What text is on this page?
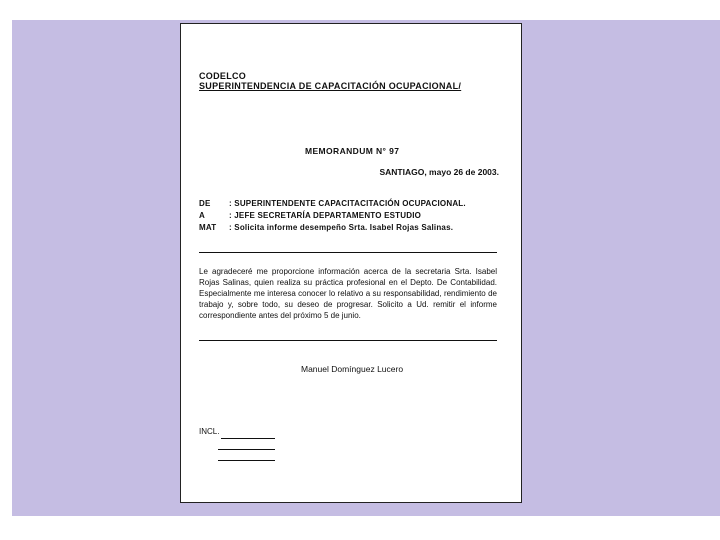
CODELCO
SUPERINTENDENCIA DE CAPACITACIÓN OCUPACIONAL/
MEMORANDUM N° 97
SANTIAGO, mayo 26 de 2003.
DE : SUPERINTENDENTE CAPACITACITACIÓN OCUPACIONAL.
A	: JEFE SECRETARÍA DEPARTAMENTO ESTUDIO
MAT : Solicita informe desempeño Srta. Isabel Rojas Salinas.
Le agradeceré me proporcione información acerca de la secretaria Srta. Isabel Rojas Salinas, quien realiza su práctica profesional en el Depto. De Contabilidad. Especialmente me interesa conocer lo relativo a su responsabilidad, rendimiento de trabajo y, sobre todo, su deseo de progresar. Solicito a Ud. remitir el informe correspondiente antes del próximo 5 de junio.
Manuel Domínguez Lucero
INCL.
